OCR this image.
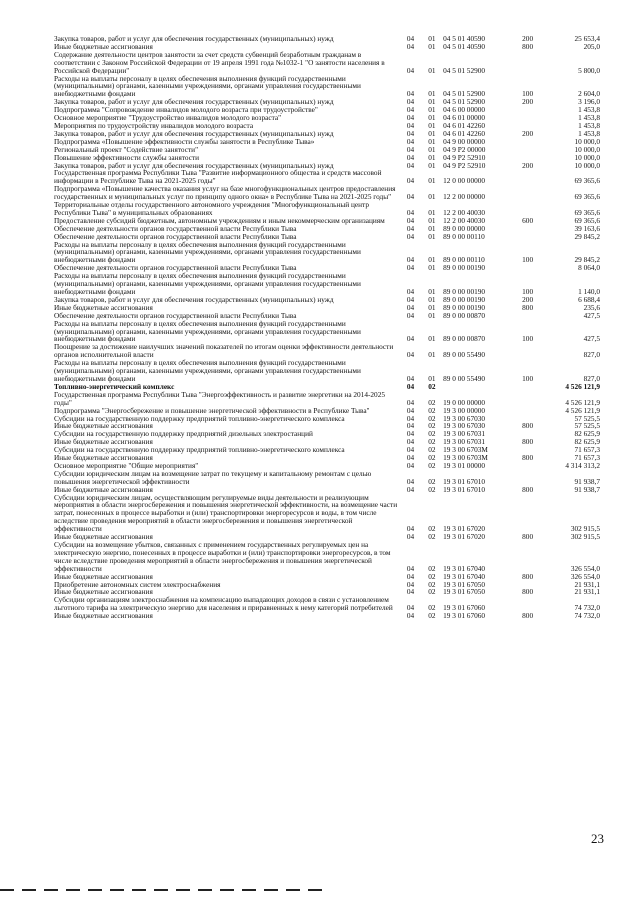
Закупка товаров, работ и услуг для обеспечения государственных (муниципальных) нужд	04	01	04 5 01 40590	200	25 653,4
Иные бюджетные ассигнования	04	01	04 5 01 40590	800	205,0
Содержание деятельности центров занятости за счет средств субвенций безработным гражданам в соответствии с Законом Российской Федерации от 19 апреля 1991 года №1032-1 "О занятости населения в Российской Федерации"	04	01	04 5 01 52900		5 800,0
Расходы на выплаты персоналу в целях обеспечения выполнения функций государственными (муниципальными) органами, казенными учреждениями, органами управления государственными внебюджетными фондами	04	01	04 5 01 52900	100	2 604,0
Закупка товаров, работ и услуг для обеспечения государственных (муниципальных) нужд	04	01	04 5 01 52900	200	3 196,0
Подпрограмма "Сопровождение инвалидов молодого возраста при трудоустройстве"	04	01	04 6 00 00000		1 453,8
Основное мероприятие "Трудоустройство инвалидов молодого возраста"	04	01	04 6 01 00000		1 453,8
Мероприятия по трудоустройству инвалидов молодого возраста	04	01	04 6 01 42260		1 453,8
Закупка товаров, работ и услуг для обеспечения государственных (муниципальных) нужд	04	01	04 6 01 42260	200	1 453,8
Подпрограмма «Повышение эффективности службы занятости в Республике Тыва»	04	01	04 9 00 00000		10 000,0
Региональный проект "Содействие занятости"	04	01	04 9 P2 00000		10 000,0
Повышение эффективности службы занятости	04	01	04 9 P2 52910		10 000,0
Закупка товаров, работ и услуг для обеспечения государственных (муниципальных) нужд	04	01	04 9 P2 52910	200	10 000,0
Государственная программа Республики Тыва "Развитие информационного общества и средств массовой информации в Республике Тыва на 2021-2025 годы"	04	01	12 0 00 00000		69 365,6
Подпрограмма «Повышение качества оказания услуг на базе многофункциональных центров предоставления государственных и муниципальных услуг по принципу одного окна» в Республике Тыва на 2021-2025 годы"	04	01	12 2 00 00000		69 365,6
Территориальные отделы государственного автономного учреждения "Многофункциональный центр Республики Тыва" в муниципальных образованиях	04	01	12 2 00 40030		69 365,6
Предоставление субсидий бюджетным, автономным учреждениям и иным некоммерческим организациям	04	01	12 2 00 40030	600	69 365,6
Обеспечение деятельности органов государственной власти Республики Тыва	04	01	89 0 00 00000		39 163,6
Обеспечение деятельности органов государственной власти Республики Тыва	04	01	89 0 00 00110		29 845,2
Расходы на выплаты персоналу в целях обеспечения выполнения функций государственными (муниципальными) органами, казенными учреждениями, органами управления государственными внебюджетными фондами	04	01	89 0 00 00110	100	29 845,2
Обеспечение деятельности органов государственной власти Республики Тыва	04	01	89 0 00 00190		8 064,0
Расходы на выплаты персоналу в целях обеспечения выполнения функций государственными (муниципальными) органами, казенными учреждениями, органами управления государственными внебюджетными фондами	04	01	89 0 00 00190	100	1 140,0
Закупка товаров, работ и услуг для обеспечения государственных (муниципальных) нужд	04	01	89 0 00 00190	200	6 688,4
Иные бюджетные ассигнования	04	01	89 0 00 00190	800	235,6
Обеспечение деятельности органов государственной власти Республики Тыва	04	01	89 0 00 00870		427,5
Расходы на выплаты персоналу в целях обеспечения выполнения функций государственными (муниципальными) органами, казенными учреждениями, органами управления государственными внебюджетными фондами	04	01	89 0 00 00870	100	427,5
Поощрение за достижение наилучших значений показателей по итогам оценки эффективности деятельности органов исполнительной власти	04	01	89 0 00 55490		827,0
Расходы на выплаты персоналу в целях обеспечения выполнения функций государственными (муниципальными) органами, казенными учреждениями, органами управления государственными внебюджетными фондами	04	01	89 0 00 55490	100	827,0
Топливно-энергетический комплекс	04	02			4 526 121,9
Государственная программа Республики Тыва "Энергоэффективность и развитие энергетики на 2014-2025 годы"	04	02	19 0 00 00000		4 526 121,9
Подпрограмма "Энергосбережение и повышение энергетической эффективности в Республике Тыва"	04	02	19 3 00 00000		4 526 121,9
Субсидии на государственную поддержку предприятий топливно-энергетического комплекса	04	02	19 3 00 67030		57 525,5
Иные бюджетные ассигнования	04	02	19 3 00 67030	800	57 525,5
Субсидии на государственную поддержку предприятий дизельных электростанций	04	02	19 3 00 67031		82 625,9
Иные бюджетные ассигнования	04	02	19 3 00 67031	800	82 625,9
Субсидии на государственную поддержку предприятий топливно-энергетического комплекса	04	02	19 3 00 6703M		71 657,3
Иные бюджетные ассигнования	04	02	19 3 00 6703M	800	71 657,3
Основное мероприятие "Общие мероприятия"	04	02	19 3 01 00000		4 314 313,2
Субсидии юридическим лицам на возмещение затрат по текущему и капитальному ремонтам с целью повышения энергетической эффективности	04	02	19 3 01 67010		91 938,7
Иные бюджетные ассигнования	04	02	19 3 01 67010	800	91 938,7
Субсидии юридическим лицам, осуществляющим регулируемые виды деятельности и реализующим мероприятия в области энергосбережения и повышения энергетической эффективности, на возмещение части затрат, понесенных в процессе выработки и (или) транспортировки энергоресурсов и воды, в том числе вследствие проведения мероприятий в области энергосбережения и повышения энергетической эффективности	04	02	19 3 01 67020		302 915,5
Иные бюджетные ассигнования	04	02	19 3 01 67020	800	302 915,5
Субсидии на возмещение убытков, связанных с применением государственных регулируемых цен на электрическую энергию, понесенных в процессе выработки и (или) транспортировки энергоресурсов, в том числе вследствие проведения мероприятий в области энергосбережения и повышения энергетической эффективности	04	02	19 3 01 67040		326 554,0
Иные бюджетные ассигнования	04	02	19 3 01 67040	800	326 554,0
Приобретение автономных систем электроснабжения	04	02	19 3 01 67050		21 931,1
Иные бюджетные ассигнования	04	02	19 3 01 67050	800	21 931,1
Субсидии организациям электроснабжения на компенсацию выпадающих доходов в связи с установлением льготного тарифа на электрическую энергию для населения и приравненных к нему категорий потребителей	04	02	19 3 01 67060		74 732,0
Иные бюджетные ассигнования	04	02	19 3 01 67060	800	74 732,0
23
